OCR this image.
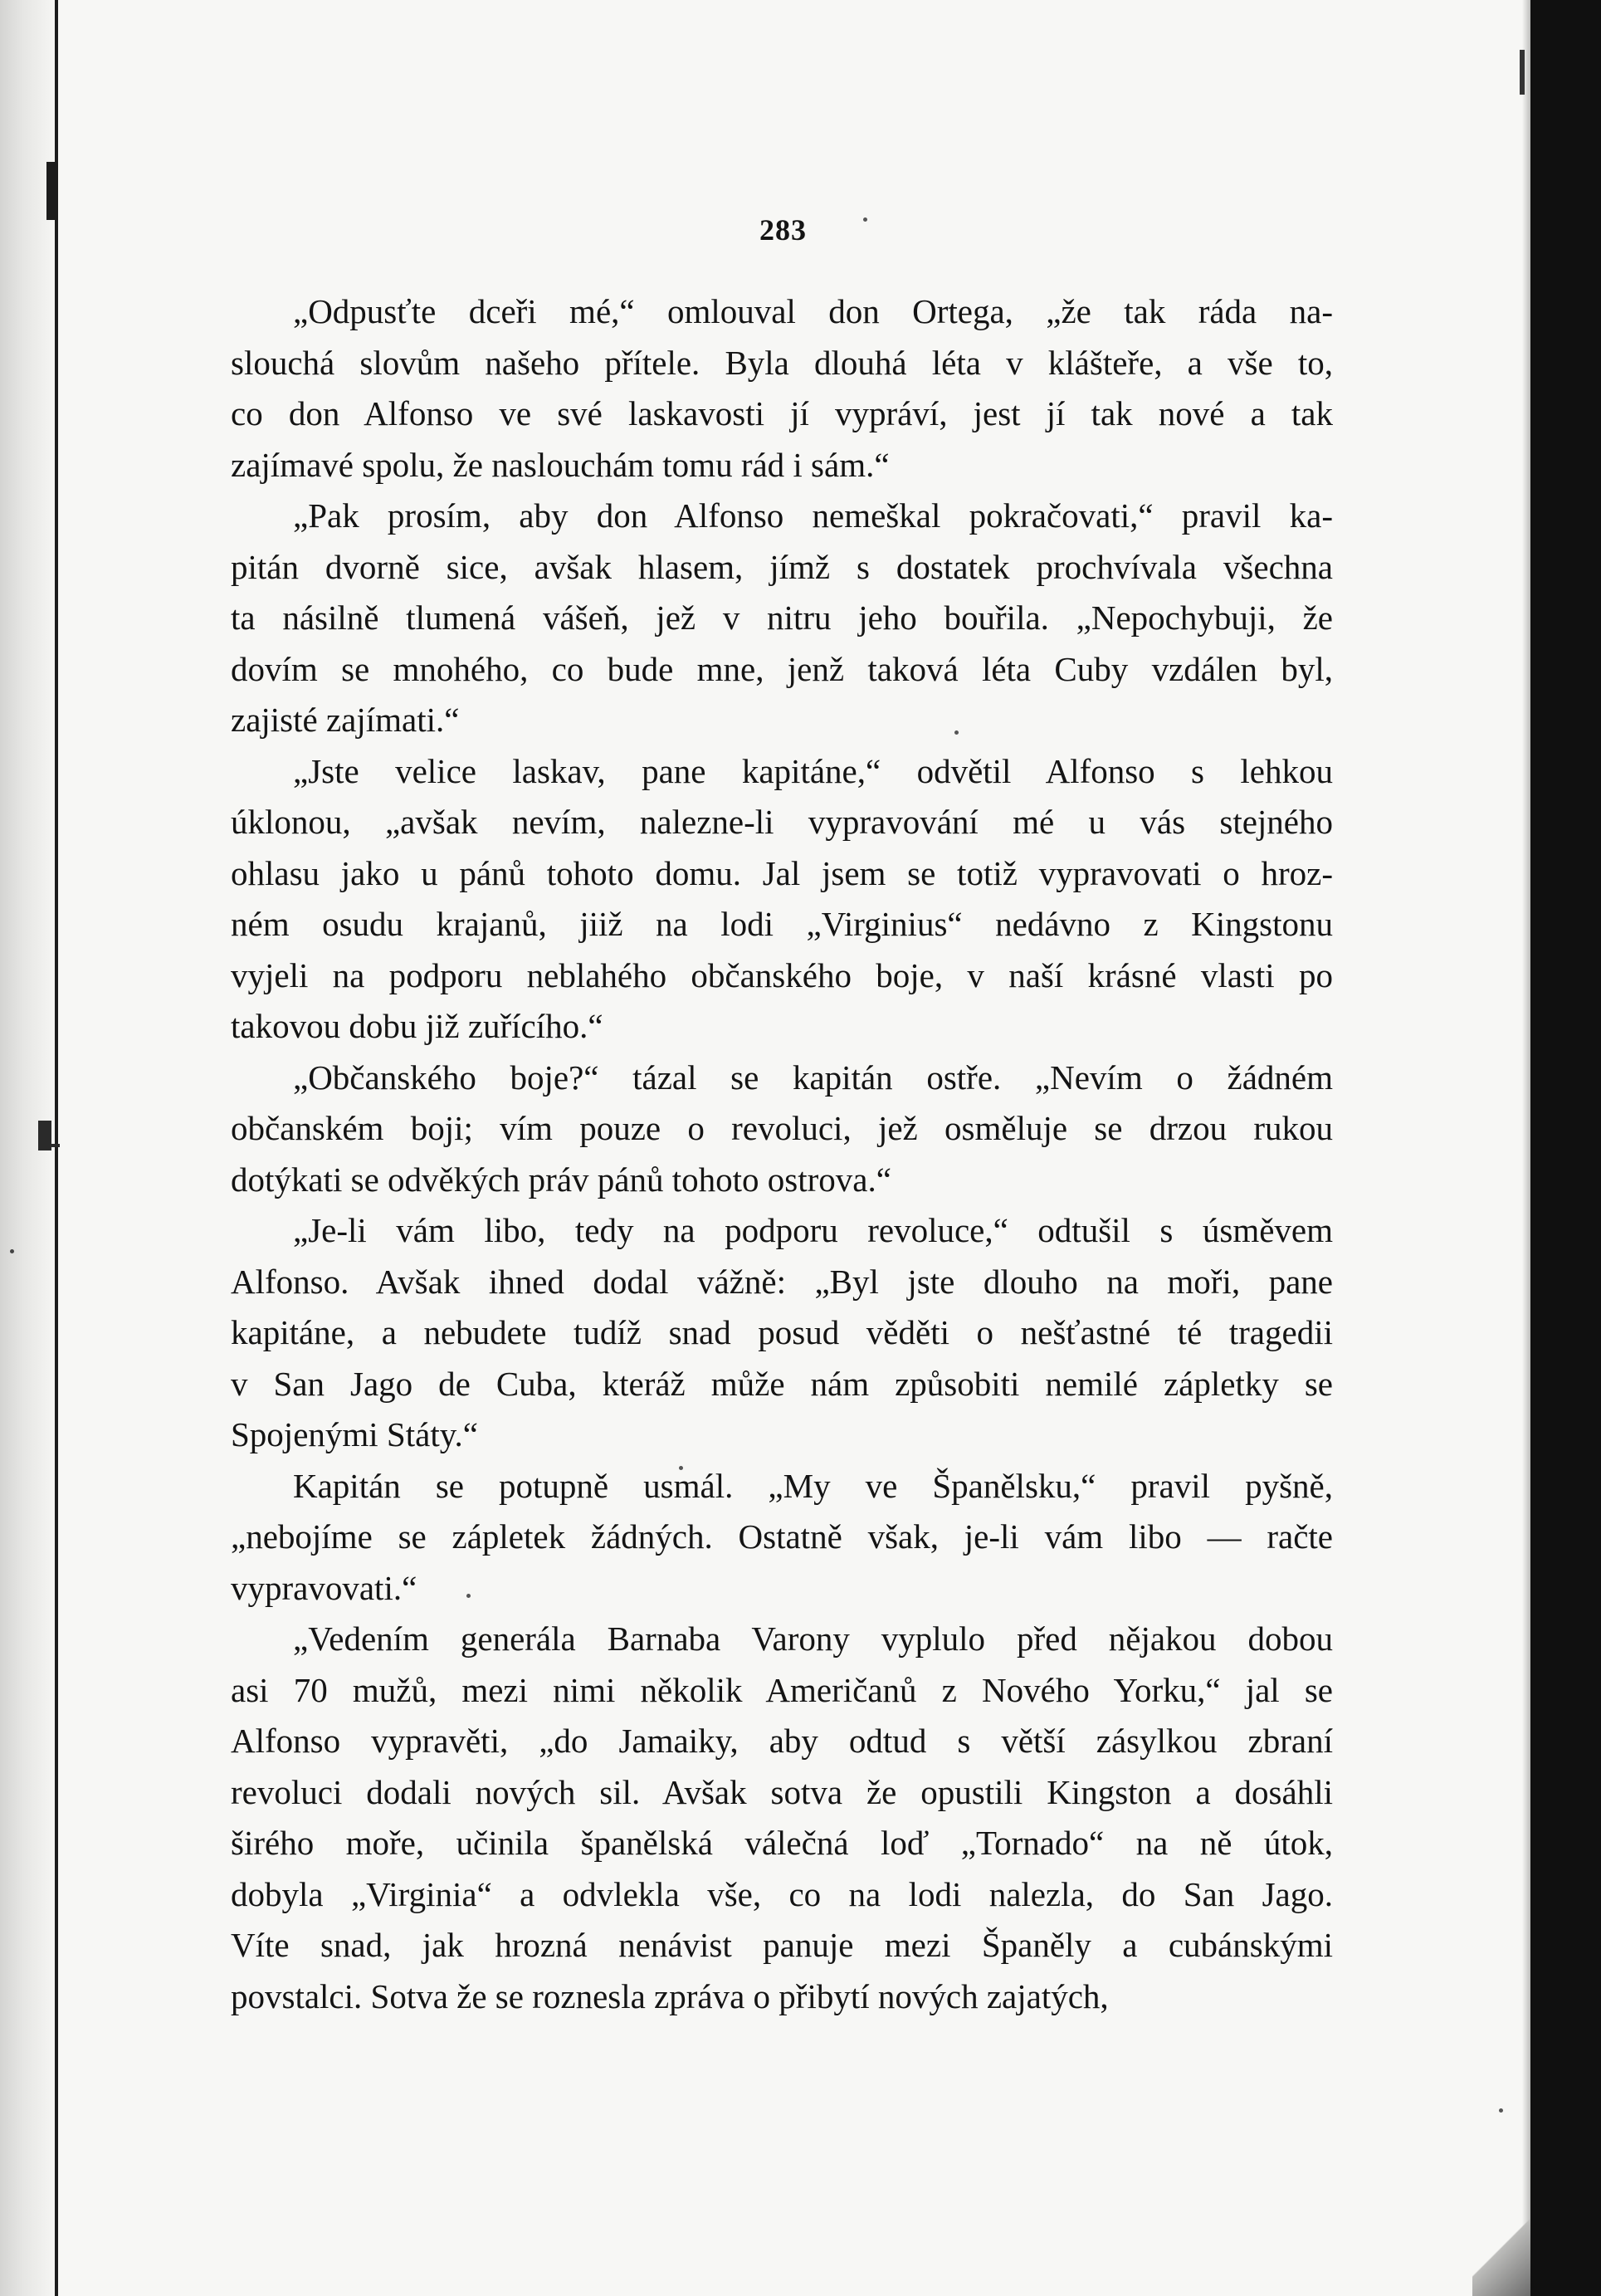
283
„Odpusťte dceři mé,“ omlouval don Ortega, „že tak ráda na-
slouchá slovům našeho přítele. Byla dlouhá léta v klášteře, a vše to,
co don Alfonso ve své laskavosti jí vypráví, jest jí tak nové a tak
zajímavé spolu, že naslouchám tomu rád i sám.“
„Pak prosím, aby don Alfonso nemeškal pokračovati,“ pravil ka-
pitán dvorně sice, avšak hlasem, jímž s dostatek prochvívala všechna
ta násilně tlumená vášeň, jež v nitru jeho bouřila. „Nepochybuji, že
dovím se mnohého, co bude mne, jenž taková léta Cuby vzdálen byl,
zajisté zajímati.“
„Jste velice laskav, pane kapitáne,“ odvětil Alfonso s lehkou
úklonou, „avšak nevím, nalezne-li vypravování mé u vás stejného
ohlasu jako u pánů tohoto domu. Jal jsem se totiž vypravovati o hroz-
ném osudu krajanů, jiiž na lodi „Virginius“ nedávno z Kingstonu
vyjeli na podporu neblahého občanského boje, v naší krásné vlasti po
takovou dobu již zuřícího.“
„Občanského boje?“ tázal se kapitán ostře. „Nevím o žádném
občanském boji; vím pouze o revoluci, jež osměluje se drzou rukou
dotýkati se odvěkých práv pánů tohoto ostrova.“
„Je-li vám libo, tedy na podporu revoluce,“ odtušil s úsměvem
Alfonso. Avšak ihned dodal vážně: „Byl jste dlouho na moři, pane
kapitáne, a nebudete tudíž snad posud věděti o nešťastné té tragedii
v San Jago de Cuba, kteráž může nám způsobiti nemilé zápletky se
Spojenými Státy.“
Kapitán se potupně usmál. „My ve Španělsku,“ pravil pyšně,
„nebojíme se zápletek žádných. Ostatně však, je-li vám libo — račte
vypravovati.“
„Vedením generála Barnaba Varony vyplulo před nějakou dobou
asi 70 mužů, mezi nimi několik Američanů z Nového Yorku,“ jal se
Alfonso vypravěti, „do Jamaiky, aby odtud s větší zásylkou zbraní
revoluci dodali nových sil. Avšak sotva že opustili Kingston a dosáhli
širého moře, učinila španělská válečná loď „Tornado“ na ně útok,
dobyla „Virginia“ a odvlekla vše, co na lodi nalezla, do San Jago.
Víte snad, jak hrozná nenávist panuje mezi Španěly a cubánskými
povstalci. Sotva že se roznesla zpráva o přibytí nových zajatých,
